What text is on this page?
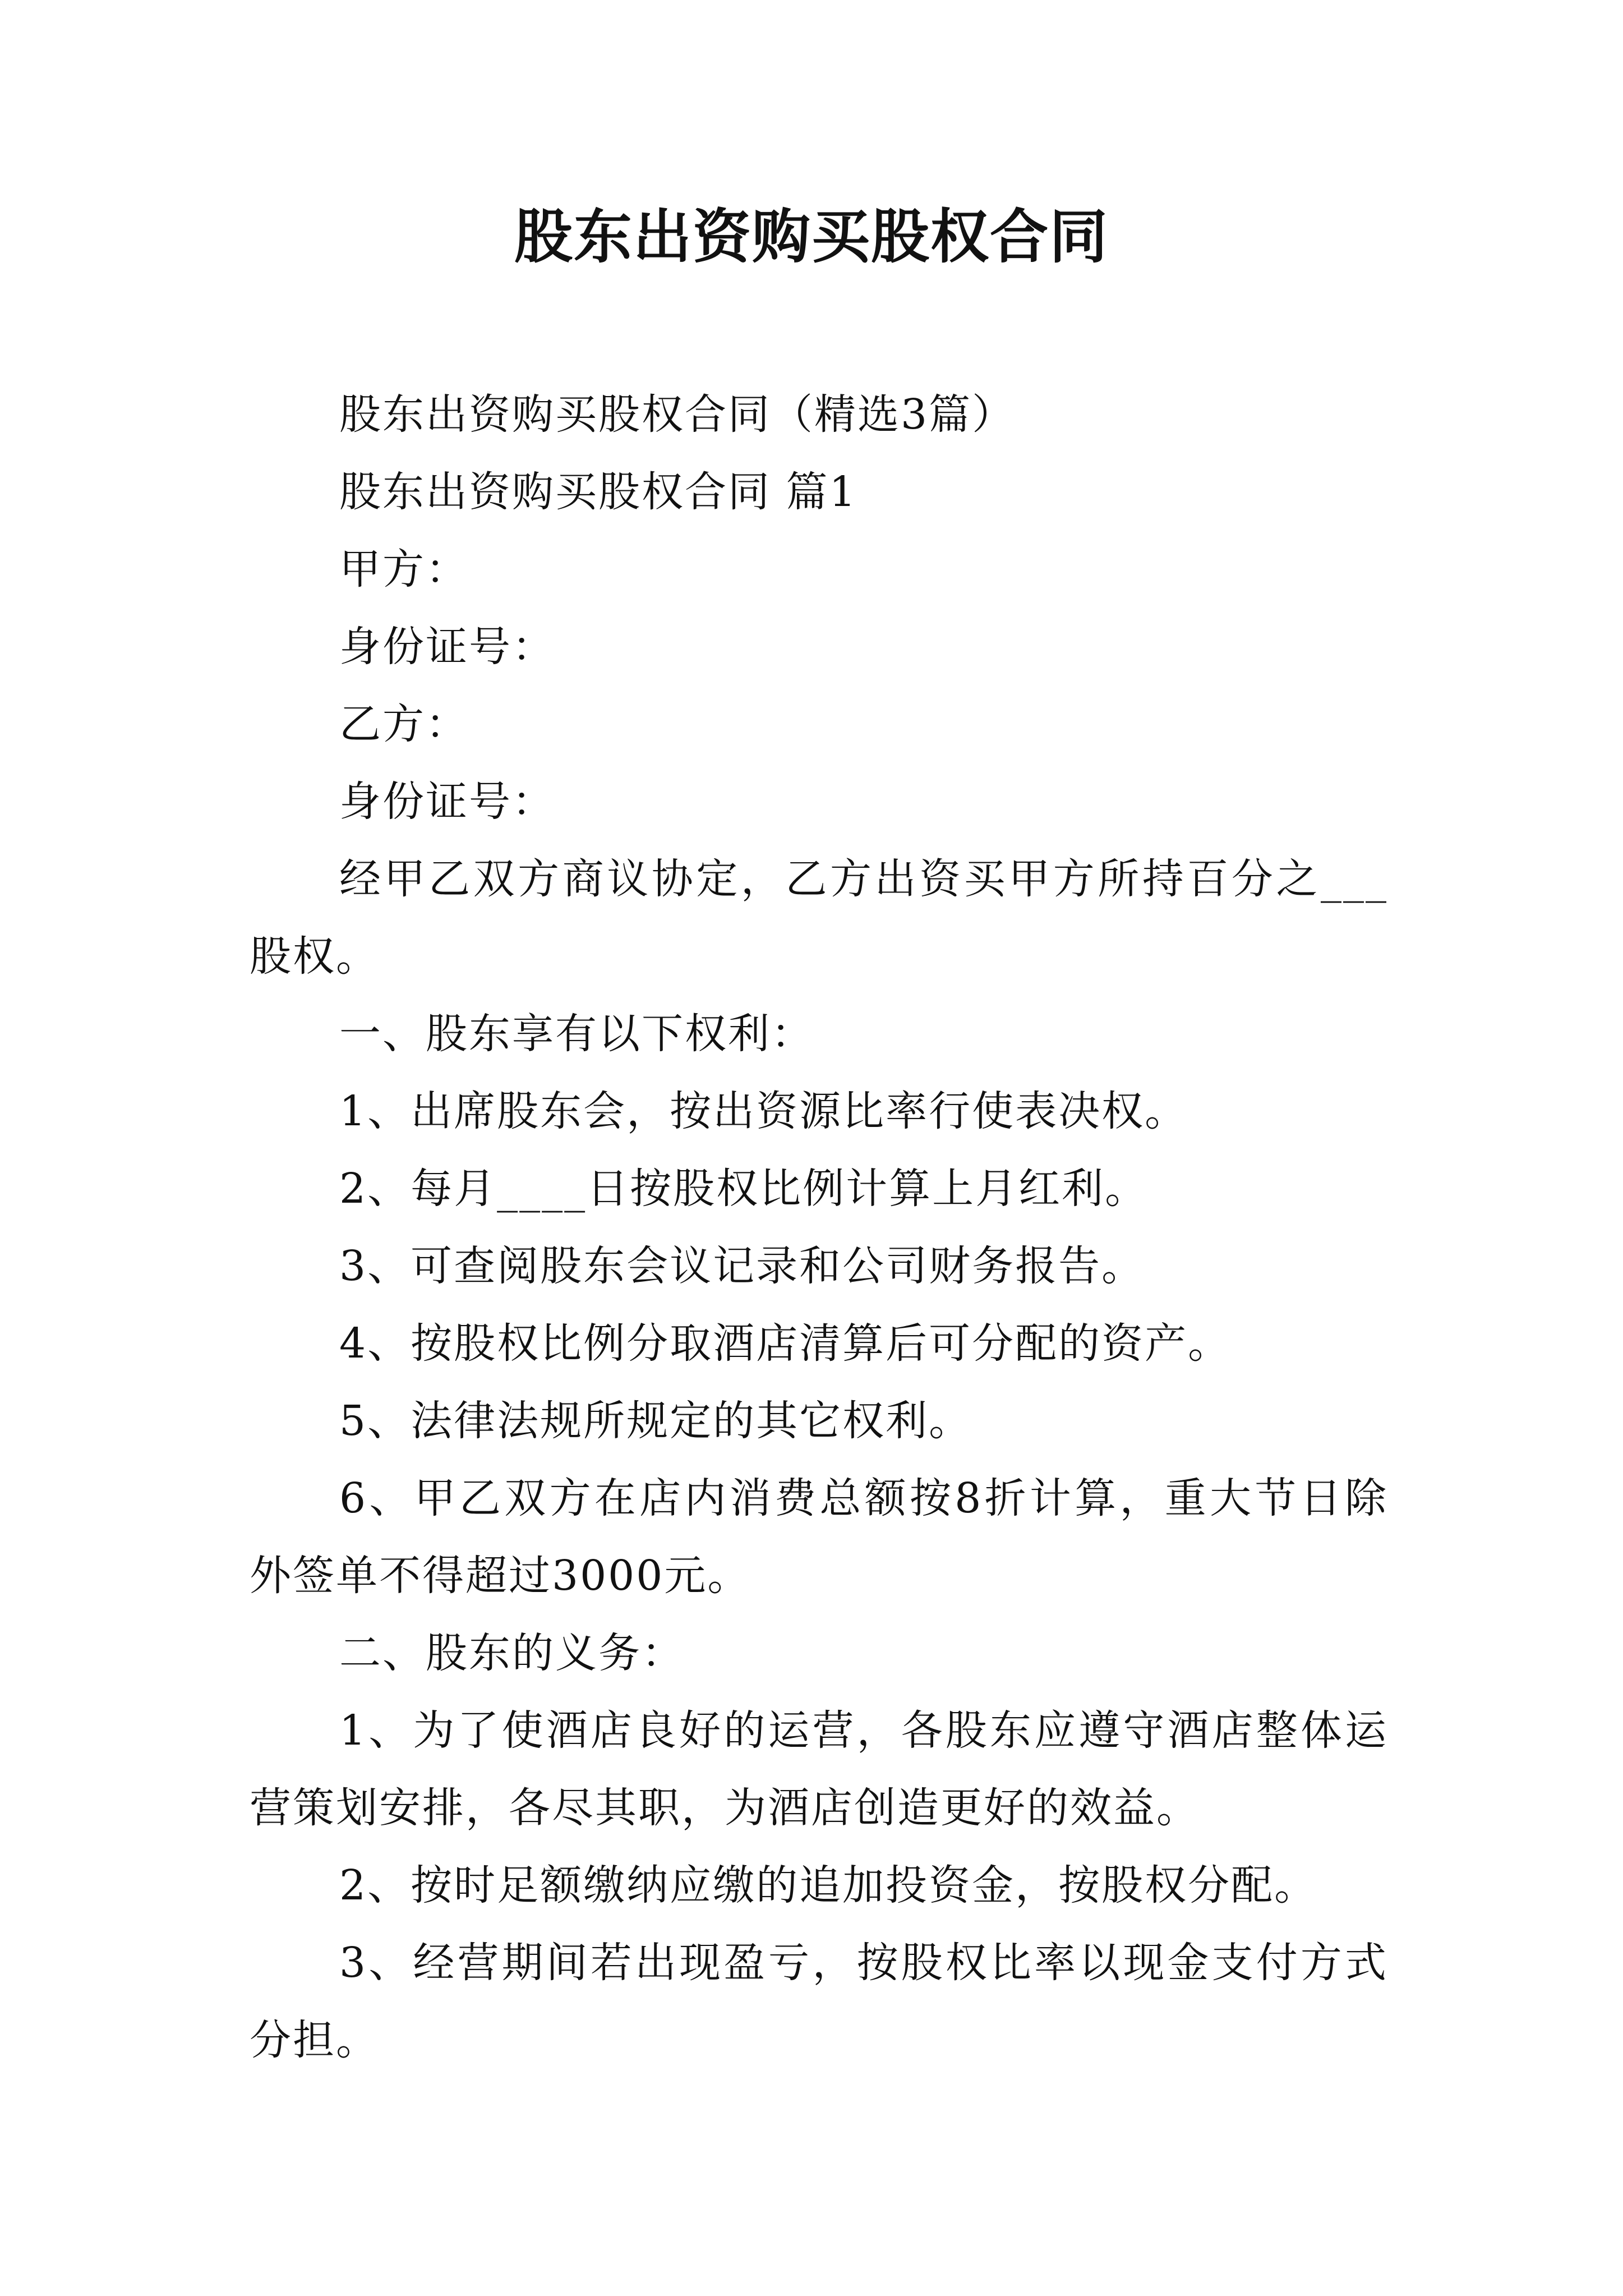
股东出资购买股权合同

股东出资购买股权合同（精选3篇）

股东出资购买股权合同 篇1

甲方：

身份证号：

乙方：

身份证号：

经甲乙双方商议协定，乙方出资买甲方所持百分之___股权。

一、股东享有以下权利：

1、出席股东会，按出资源比率行使表决权。

2、每月____日按股权比例计算上月红利。

3、可查阅股东会议记录和公司财务报告。

4、按股权比例分取酒店清算后可分配的资产。

5、法律法规所规定的其它权利。

6、甲乙双方在店内消费总额按8折计算，重大节日除外签单不得超过3000元。

二、股东的义务：

1、为了使酒店良好的运营，各股东应遵守酒店整体运营策划安排，各尽其职，为酒店创造更好的效益。

2、按时足额缴纳应缴的追加投资金，按股权分配。

3、经营期间若出现盈亏，按股权比率以现金支付方式分担。
